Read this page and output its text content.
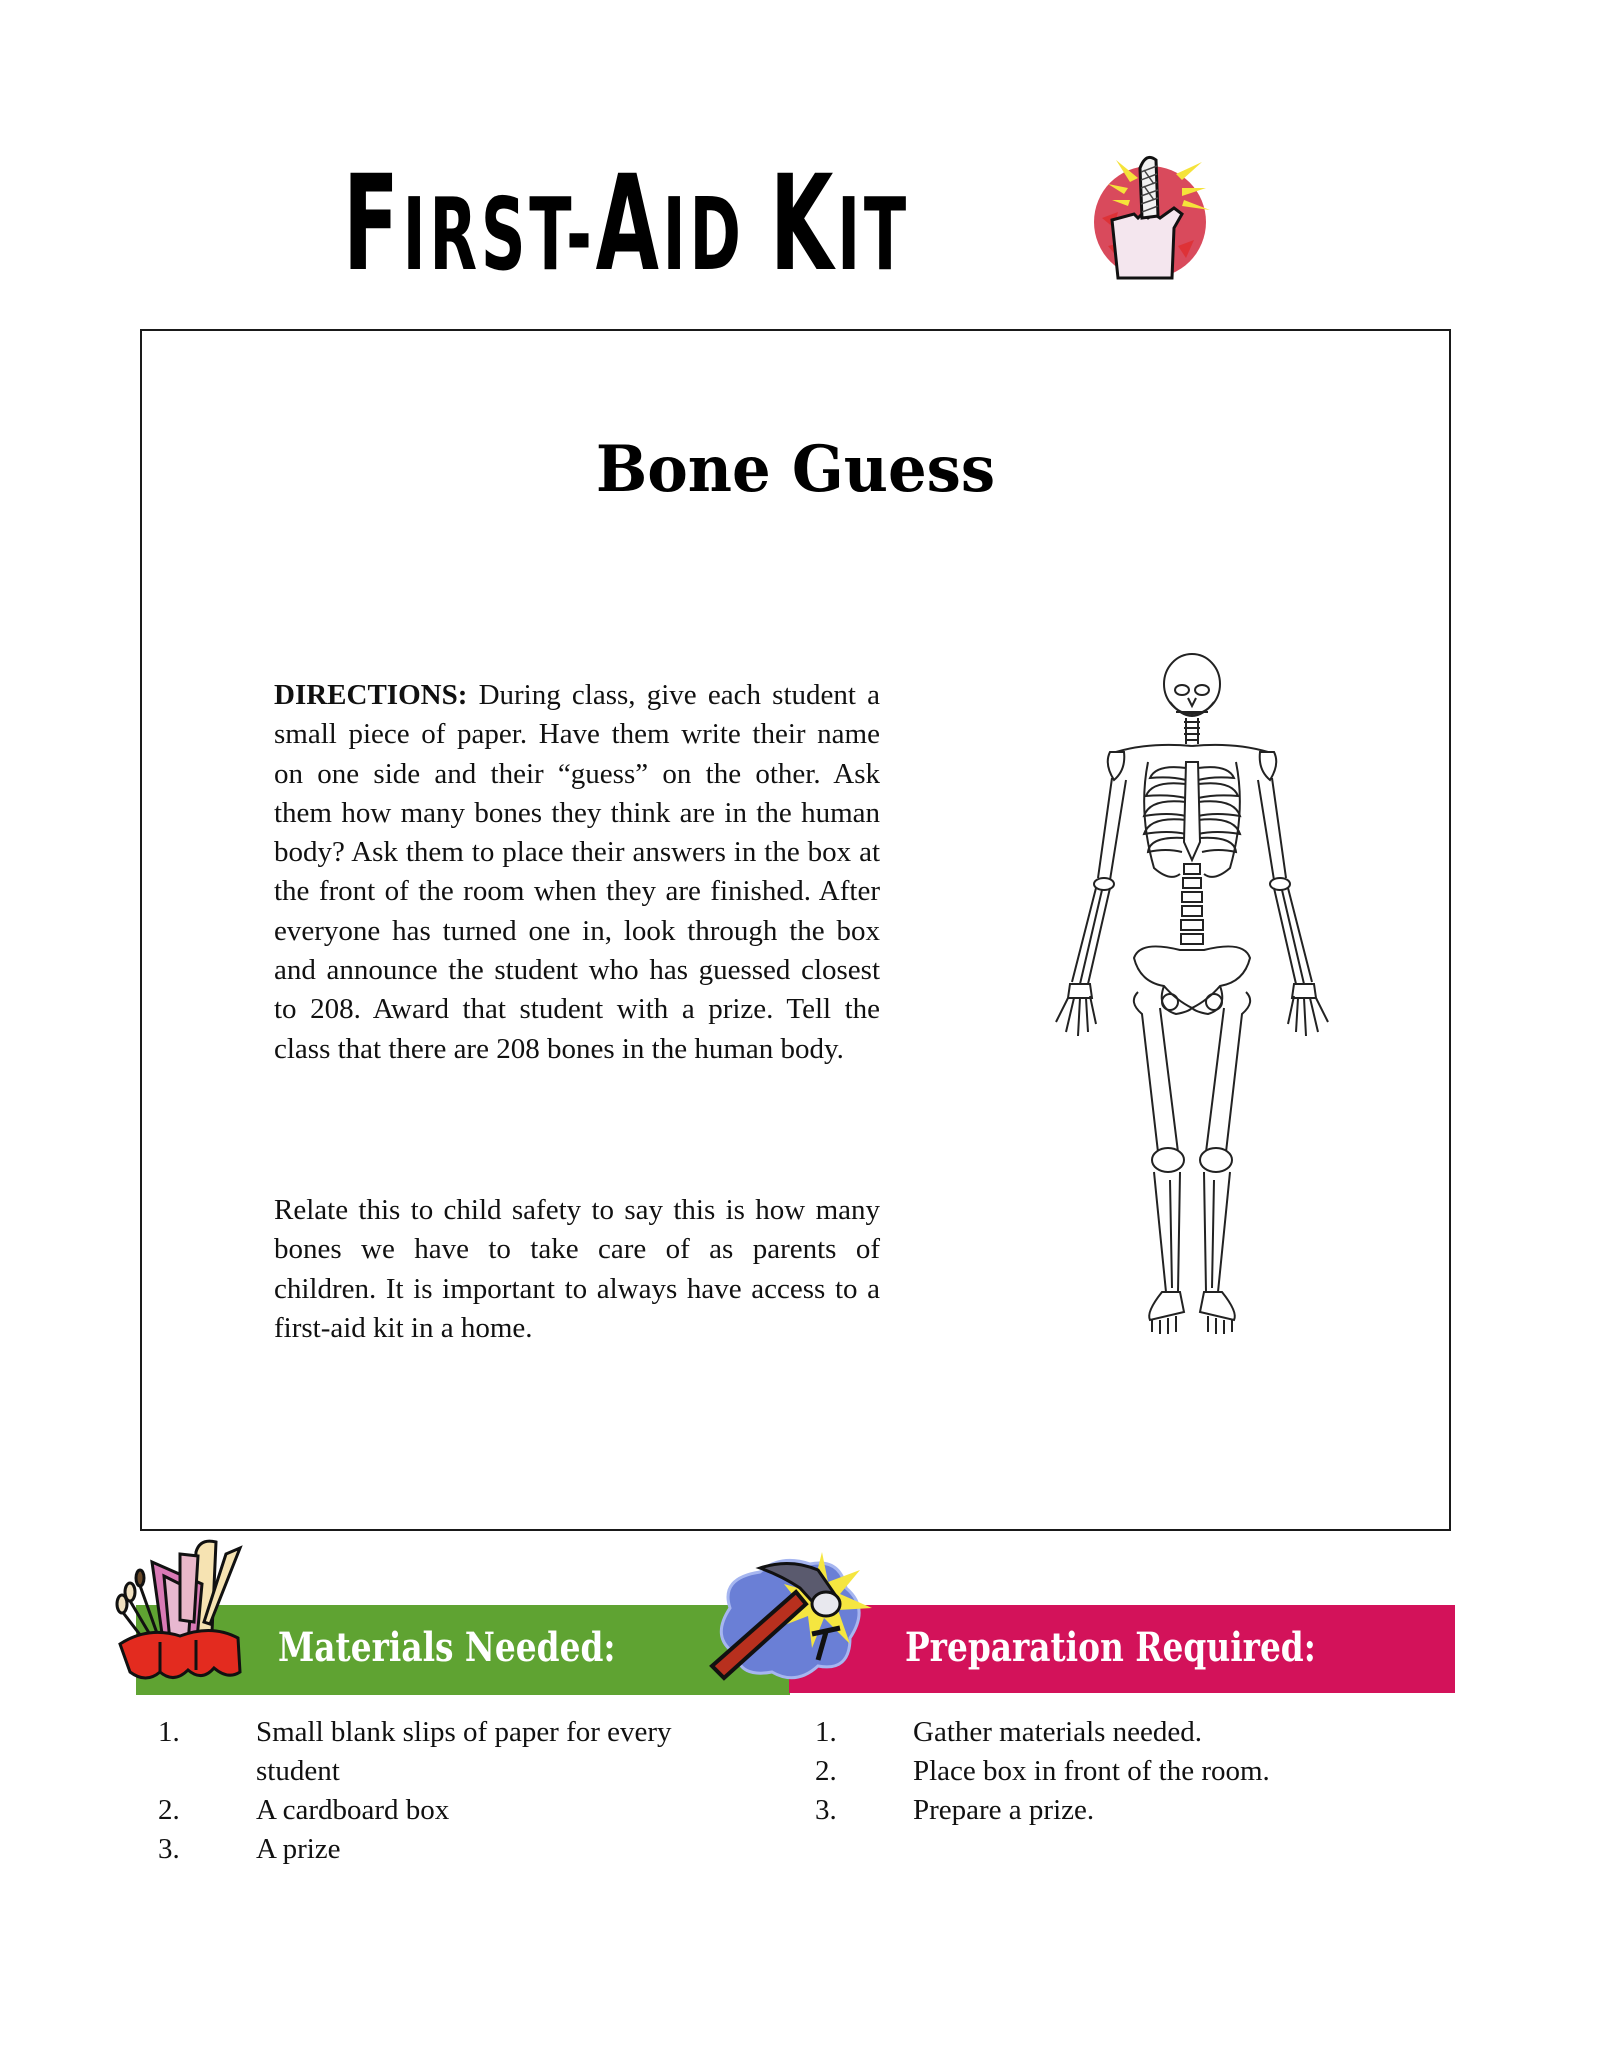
FIRST-AID KIT
Bone Guess
DIRECTIONS: During class, give each student a small piece of paper. Have them write their name on one side and their “guess” on the other. Ask them how many bones they think are in the human body? Ask them to place their answers in the box at the front of the room when they are finished. After everyone has turned one in, look through the box and announce the student who has guessed closest to 208. Award that student with a prize. Tell the class that there are 208 bones in the human body.
Relate this to child safety to say this is how many bones we have to take care of as parents of children. It is important to always have access to a first-aid kit in a home.
Materials Needed:	Preparation Required:
1.	Small blank slips of paper for every student
2.	A cardboard box
3.	A prize
1.	Gather materials needed.
2.	Place box in front of the room.
3.	Prepare a prize.
